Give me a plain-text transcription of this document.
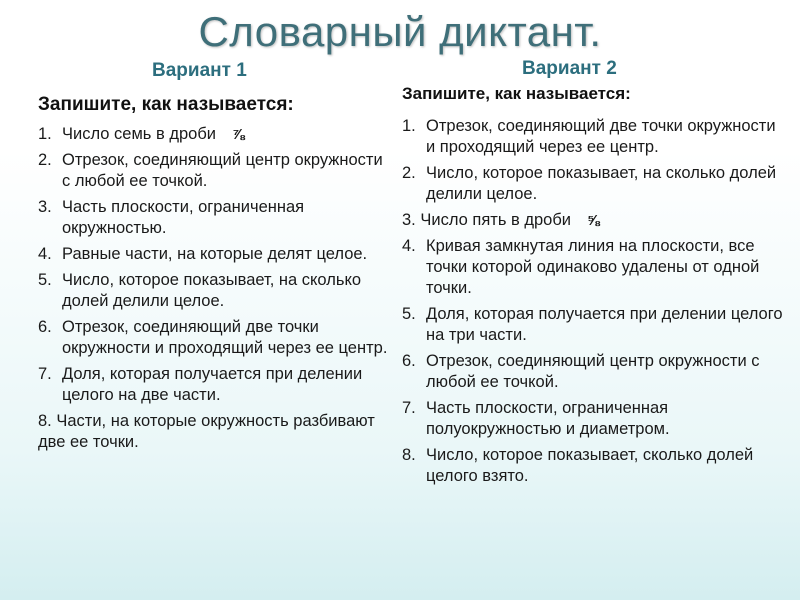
Словарный диктант.
Вариант 1	Вариант 2
Запишите, как называется:
Запишите, как называется:
1. Число семь в дроби ⅞
2. Отрезок, соединяющий центр окружности с любой ее точкой.
3. Часть плоскости, ограниченная окружностью.
4. Равные части, на которые делят целое.
5. Число, которое показывает, на сколько долей делили целое.
6. Отрезок, соединяющий две точки окружности и проходящий через ее центр.
7. Доля, которая получается при делении целого на две части.
8. Части, на которые окружность разбивают две ее точки.
1. Отрезок, соединяющий две точки окружности и проходящий через ее центр.
2. Число, которое показывает, на сколько долей делили целое.
3. Число пять в дроби ⅝
4. Кривая замкнутая линия на плоскости, все точки которой одинаково удалены от одной точки.
5. Доля, которая получается при делении целого на три части.
6. Отрезок, соединяющий центр окружности с любой ее точкой.
7. Часть плоскости, ограниченная полуокружностью и диаметром.
8. Число, которое показывает, сколько долей целого взято.
